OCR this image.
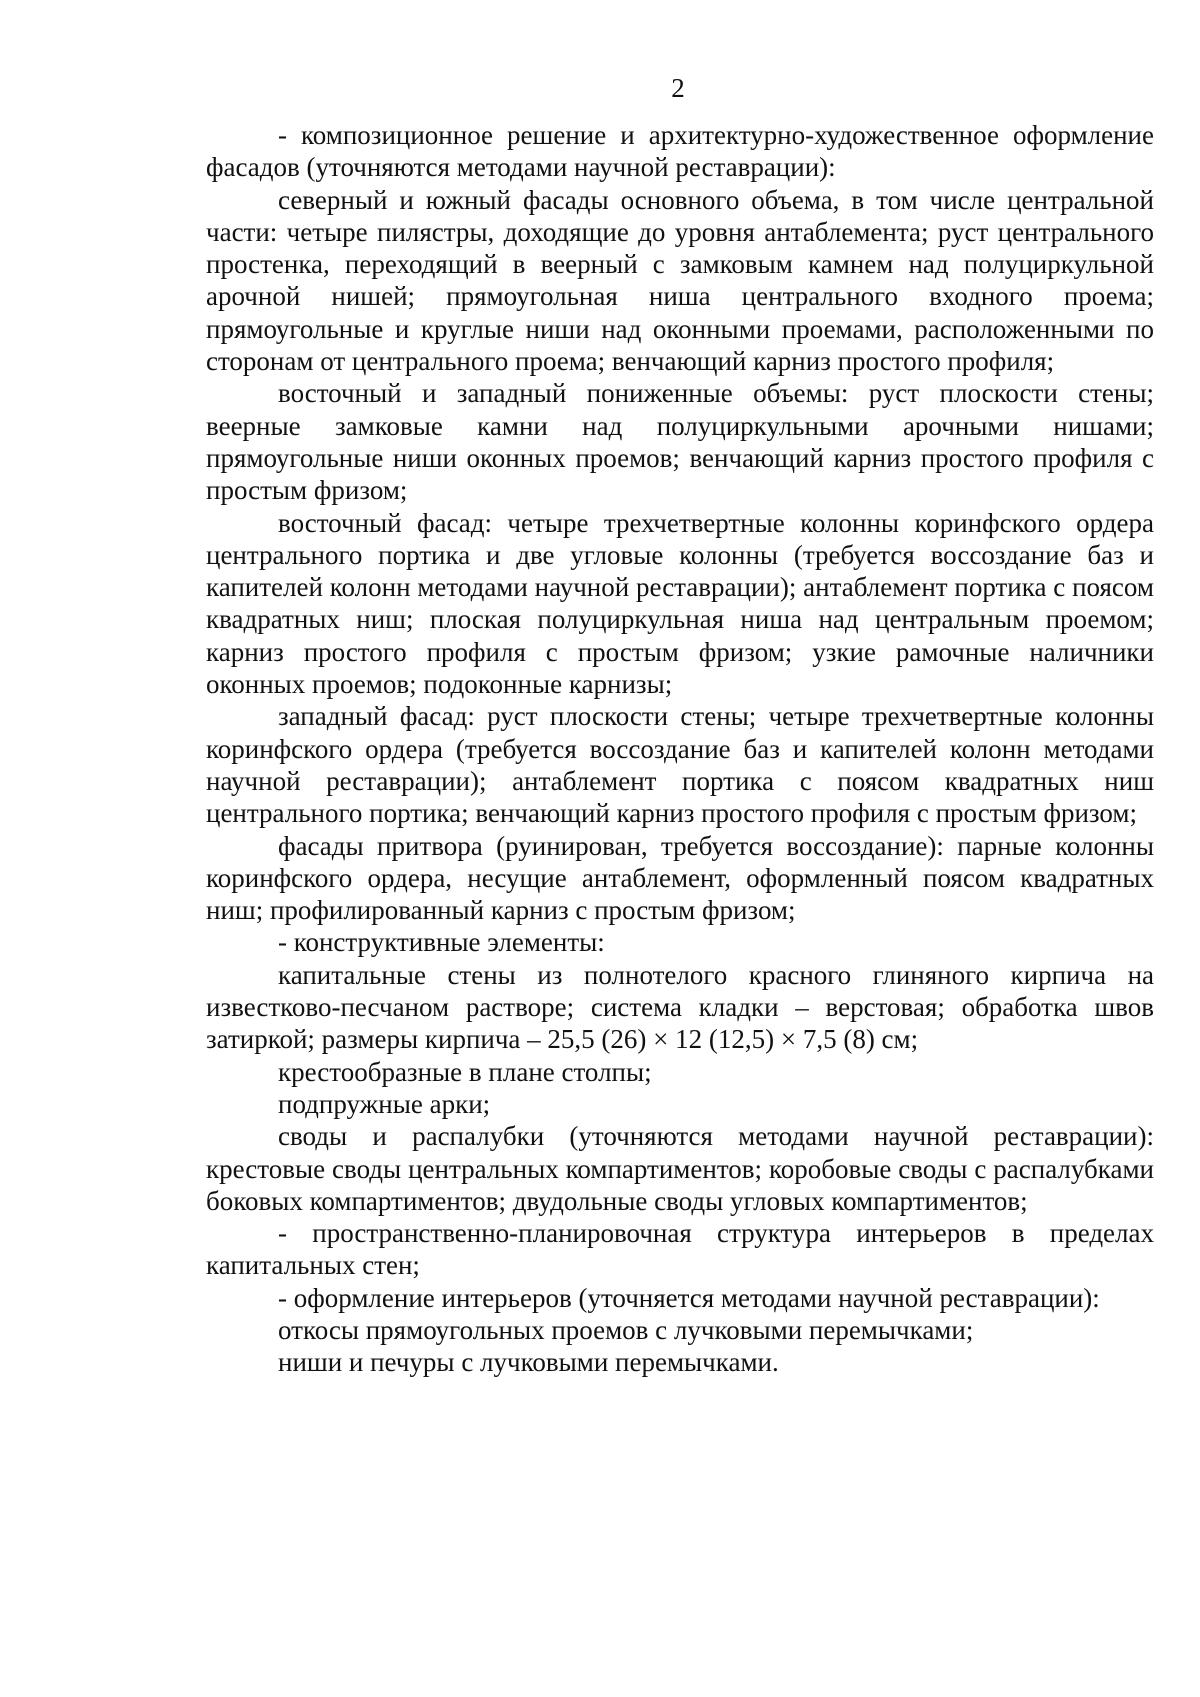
2

- композиционное решение и архитектурно-художественное оформление фасадов (уточняются методами научной реставрации):

северный и южный фасады основного объема, в том числе центральной части: четыре пилястры, доходящие до уровня антаблемента; руст центрального простенка, переходящий в веерный с замковым камнем над полуциркульной арочной нишей; прямоугольная ниша центрального входного проема; прямоугольные и круглые ниши над оконными проемами, расположенными по сторонам от центрального проема; венчающий карниз простого профиля;

восточный и западный пониженные объемы: руст плоскости стены; веерные замковые камни над полуциркульными арочными нишами; прямоугольные ниши оконных проемов; венчающий карниз простого профиля с простым фризом;

восточный фасад: четыре трехчетвертные колонны коринфского ордера центрального портика и две угловые колонны (требуется воссоздание баз и капителей колонн методами научной реставрации); антаблемент портика с поясом квадратных ниш; плоская полуциркульная ниша над центральным проемом; карниз простого профиля с простым фризом; узкие рамочные наличники оконных проемов; подоконные карнизы;

западный фасад: руст плоскости стены; четыре трехчетвертные колонны коринфского ордера (требуется воссоздание баз и капителей колонн методами научной реставрации); антаблемент портика с поясом квадратных ниш центрального портика; венчающий карниз простого профиля с простым фризом;

фасады притвора (руинирован, требуется воссоздание): парные колонны коринфского ордера, несущие антаблемент, оформленный поясом квадратных ниш; профилированный карниз с простым фризом;

- конструктивные элементы:

капитальные стены из полнотелого красного глиняного кирпича на известково-песчаном растворе; система кладки – верстовая; обработка швов затиркой; размеры кирпича – 25,5 (26) × 12 (12,5) × 7,5 (8) см;

крестообразные в плане столпы;

подпружные арки;

своды и распалубки (уточняются методами научной реставрации): крестовые своды центральных компартиментов; коробовые своды с распалубками боковых компартиментов; двудольные своды угловых компартиментов;

- пространственно-планировочная структура интерьеров в пределах капитальных стен;

- оформление интерьеров (уточняется методами научной реставрации):

откосы прямоугольных проемов с лучковыми перемычками;

ниши и печуры с лучковыми перемычками.
